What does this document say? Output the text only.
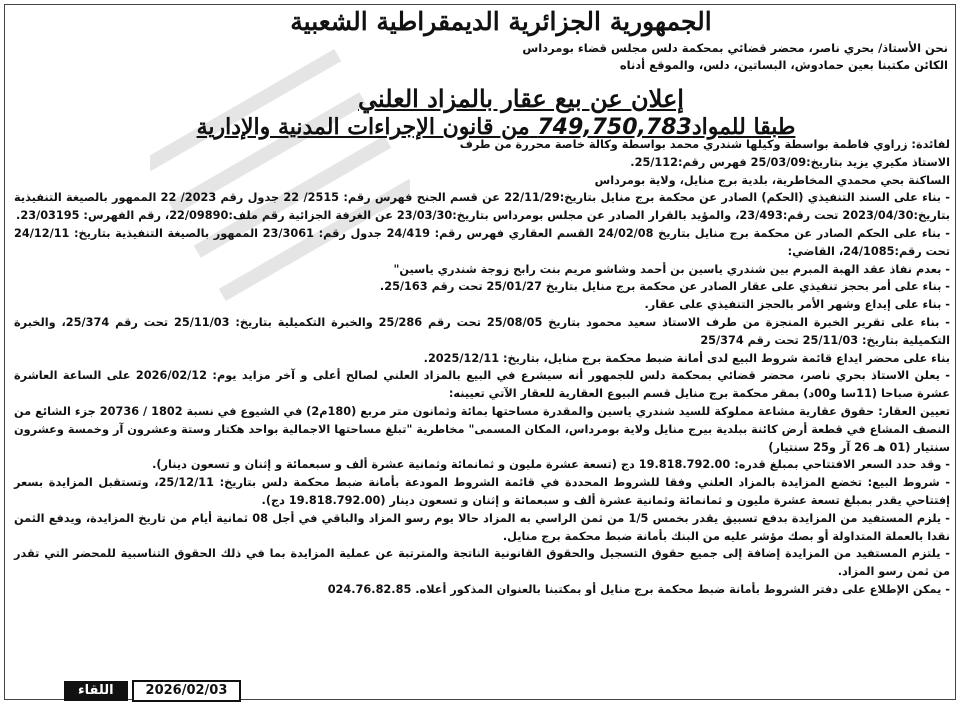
الجمهورية الجزائرية الديمقراطية الشعبية
نحن الأستاذ/ بحري ناصر، محضر قضائي بمحكمة دلس مجلس قضاء بومرداس
الكائن مكتبنا بعين حمادوش، البساتين، دلس، والموقع أدناه
إعلان عن بيع عقار بالمزاد العلني
طبقا للمواد749,750,783 من قانون الإجراءات المدنية والإدارية

لفائدة: زراوي فاطمة بواسطة وكيلها شندري محمد بواسطة وكالة خاصة محررة من طرف

الاستاذ مكيري يزيد بتاريخ:25/03/09 فهرس رقم:25/112.

الساكنة بحي محمدي المخاطرية، بلدية برج منايل، ولاية بومرداس

- بناء على السند التنفيذي (الحكم) الصادر عن محكمة برج منايل بتاريخ:22/11/29 عن قسم الجنح فهرس رقم: 2515/ 22 جدول رقم 2023/ 22 الممهور بالصيغة التنفيذية بتاريخ:2023/04/30 تحت رقم:23/493، والمؤيد بالقرار الصادر عن مجلس بومرداس بتاريخ:23/03/30 عن الغرفة الجزائية رقم ملف:22/09890، رقم الفهرس: 23/03195.

- بناء على الحكم الصادر عن محكمة برج منايل بتاريخ 24/02/08 القسم العقاري فهرس رقم: 24/419 جدول رقم: 23/3061 الممهور بالصيغة التنفيذية بتاريخ: 24/12/11 تحت رقم:24/1085، القاضي:

- بعدم نفاذ عقد الهبة المبرم بين شندري ياسين بن أحمد وشاشو مريم بنت رابح زوجة شندري ياسين"

- بناء على أمر بحجز تنفيذي على عقار الصادر عن محكمة برج منايل بتاريخ 25/01/27 تحت رقم 25/163.

- بناء على إيداع وشهر الأمر بالحجز التنفيذي على عقار.

- بناء على تقرير الخبرة المنجزة من طرف الاستاذ سعيد محمود بتاريخ 25/08/05 تحت رقم 25/286 والخبرة التكميلية بتاريخ: 25/11/03 تحت رقم 25/374، والخبرة التكميلية بتاريخ: 25/11/03 تحت رقم 25/374

بناء على محضر ايداع قائمة شروط البيع لدى أمانة ضبط محكمة برج منايل، بتاريخ: 2025/12/11.

- يعلن الاستاذ بحري ناصر، محضر قضائي بمحكمة دلس للجمهور أنه سيشرع في البيع بالمزاد العلني لصالح أعلى و آخر مزايد يوم: 2026/02/12 على الساعة العاشرة عشرة صباحا (11سا و00د) بمقر محكمة برج منايل قسم البيوع العقارية للعقار الآتي تعيينه:

تعيين العقار: حقوق عقارية مشاعة مملوكة للسيد شندري ياسين والمقدرة مساحتها بمائة وثمانون متر مربع (180م2) في الشيوع في نسبة 1802 / 20736 جزء الشائع من النصف المشاع في قطعة أرض كائنة ببلدية بيرج منايل ولاية بومرداس، المكان المسمى" مخاطرية "تبلغ مساحتها الاجمالية بواحد هكتار وستة وعشرون آر وخمسة وعشرون سنتيار (01 هـ 26 آر و25 سنتيار)

- وقد حدد السعر الافتتاحي بمبلغ قدره: 19.818.792.00 دج (تسعة عشرة مليون و ثمانمائة وثمانية عشرة ألف و سبعمائة و إثنان و تسعون دينار).

- شروط البيع: تخضع المزايدة بالمزاد العلني وفقا للشروط المحددة في قائمة الشروط المودعة بأمانة ضبط محكمة دلس بتاريخ: 25/12/11، وتستقبل المزايدة بسعر إفتتاحي يقدر بمبلغ تسعة عشرة مليون و ثمانمائة وثمانية عشرة ألف و سبعمائة و إثنان و تسعون دينار (19.818.792.00 دج).

- يلزم المستفيد من المزايدة بدفع تسبيق يقدر بخمس 1/5 من ثمن الراسي به المزاد حالا يوم رسو المزاد والباقي في أجل 08 ثمانية أيام من تاريخ المزايدة، ويدفع الثمن نقدا بالعملة المتداولة أو بصك مؤشر عليه من البنك بأمانة ضبط محكمة برج منايل.

- يلتزم المستفيد من المزايدة إضافة إلى جميع حقوق التسجيل والحقوق القانونية الناتجة والمترتبة عن عملية المزايدة بما في ذلك الحقوق التناسبية للمحضر التي تقدر من ثمن رسو المزاد.

- يمكن الإطلاع على دفتر الشروط بأمانة ضبط محكمة برج منايل أو بمكتبنا بالعنوان المذكور أعلاه. 024.76.82.85

اللقاء	2026/02/03
